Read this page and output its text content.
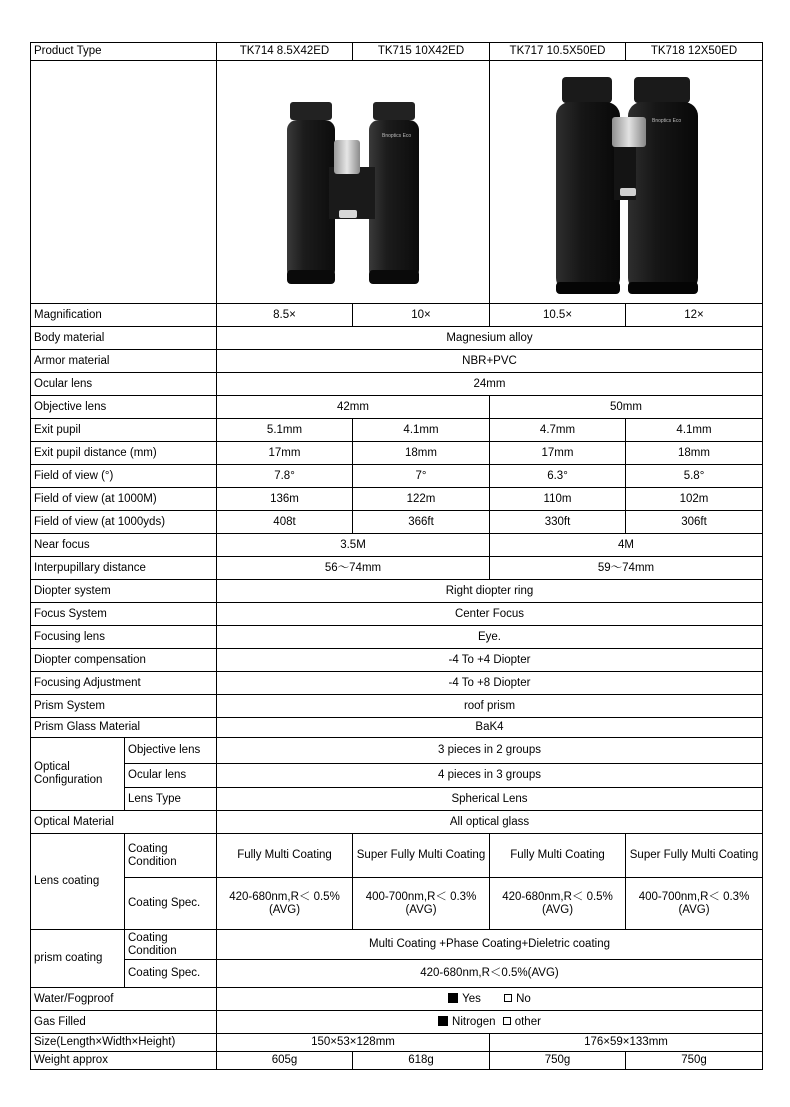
Product Type		TK714 8.5X42ED	TK715 10X42ED	TK717 10.5X50ED	TK718 12X50ED

Bnoptics Eco		Bnoptics Eco	

Magnification		8.5×	10×	10.5×	12×
Body material		Magnesium alloy			
Armor material		NBR+PVC			
Ocular lens		24mm			
Objective lens		42mm		50mm	
Exit pupil		5.1mm	4.1mm	4.7mm	4.1mm
Exit pupil distance (mm)		17mm	18mm	17mm	18mm
Field of view (°)		7.8°	7°	6.3°	5.8°
Field of view (at 1000M)		136m	122m	110m	102m
Field of view (at 1000yds)		408t	366ft	330ft	306ft
Near focus		3.5M		4M	
Interpupillary distance		56～74mm		59～74mm	
Diopter system		Right diopter ring			
Focus System		Center Focus			
Focusing lens		Eye.			
Diopter compensation		-4 To +4 Diopter			
Focusing Adjustment		-4 To +8 Diopter			
Prism System		roof prism			
Prism Glass Material		BaK4			
Optical Configuration	Objective lens	3 pieces in 2 groups			
	Ocular lens	4 pieces in 3 groups			
	Lens Type	Spherical Lens			
Optical Material		All optical glass			
Lens coating	Coating Condition	Fully Multi Coating	Super Fully Multi Coating	Fully Multi Coating	Super Fully Multi Coating
	Coating Spec.	420-680nm,R＜ 0.5%(AVG)	400-700nm,R＜ 0.3%(AVG)	420-680nm,R＜ 0.5%(AVG)	400-700nm,R＜ 0.3%(AVG)
prism coating	Coating Condition	Multi Coating +Phase Coating+Dieletric coating			
	Coating Spec.	420-680nm,R＜0.5%(AVG)			
Water/Fogproof		Yes No			
Gas Filled		Nitrogen other			
Size(Length×Width×Height)		150×53×128mm		176×59×133mm	
Weight approx		605g	618g	750g	750g
